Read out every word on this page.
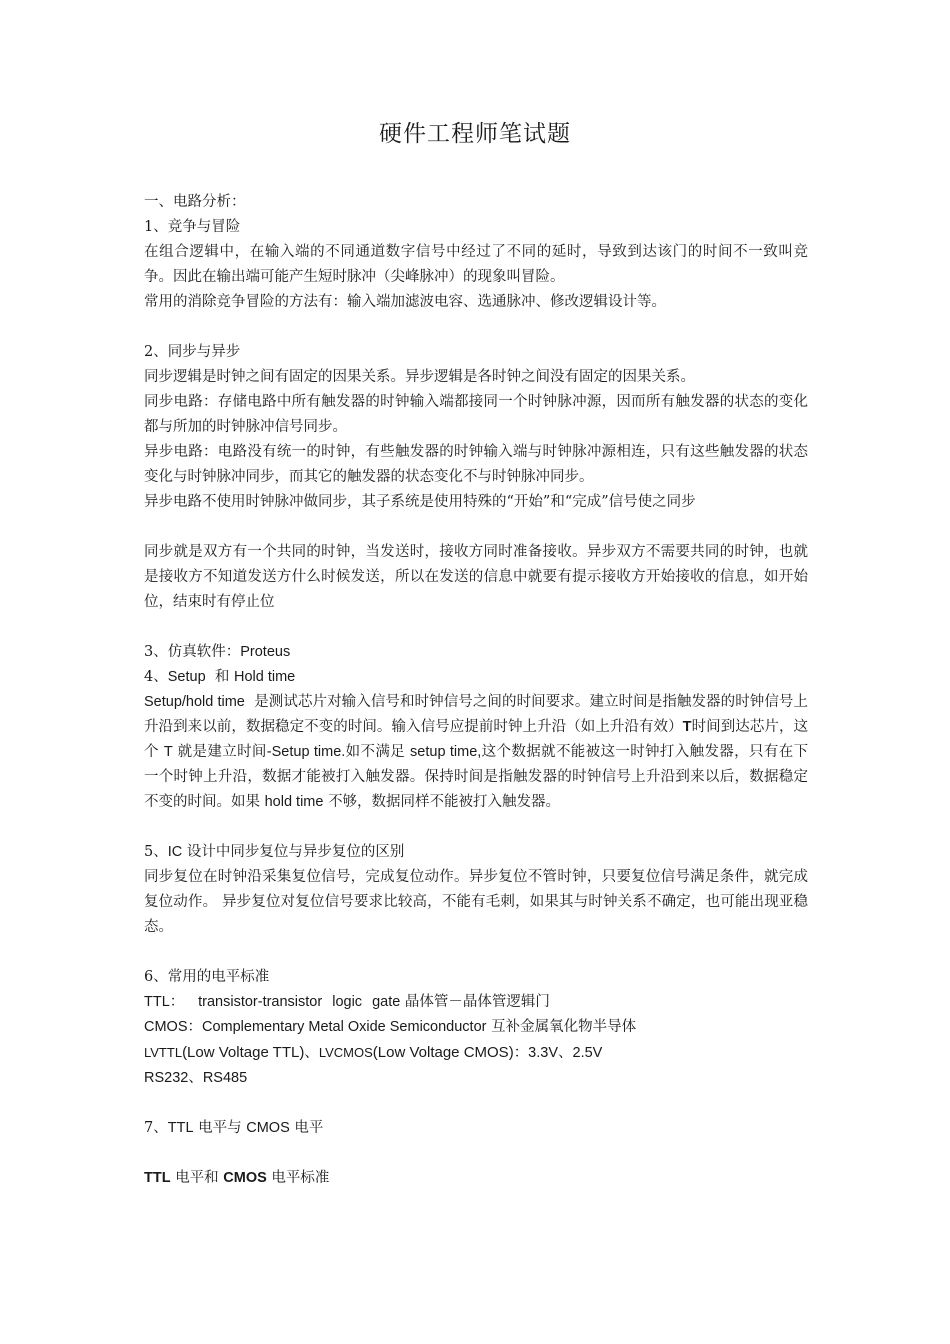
硬件工程师笔试题

一、电路分析：

1、竞争与冒险

在组合逻辑中，在输入端的不同通道数字信号中经过了不同的延时，导致到达该门的时间不一致叫竞争。因此在输出端可能产生短时脉冲（尖峰脉冲）的现象叫冒险。

常用的消除竞争冒险的方法有：输入端加滤波电容、选通脉冲、修改逻辑设计等。

2、同步与异步

同步逻辑是时钟之间有固定的因果关系。异步逻辑是各时钟之间没有固定的因果关系。

同步电路：存储电路中所有触发器的时钟输入端都接同一个时钟脉冲源，因而所有触发器的状态的变化都与所加的时钟脉冲信号同步。

异步电路：电路没有统一的时钟，有些触发器的时钟输入端与时钟脉冲源相连，只有这些触发器的状态变化与时钟脉冲同步，而其它的触发器的状态变化不与时钟脉冲同步。

异步电路不使用时钟脉冲做同步，其子系统是使用特殊的“开始”和“完成”信号使之同步

同步就是双方有一个共同的时钟，当发送时，接收方同时准备接收。异步双方不需要共同的时钟，也就是接收方不知道发送方什么时候发送，所以在发送的信息中就要有提示接收方开始接收的信息，如开始位，结束时有停止位

3、仿真软件：Proteus

4、Setup 和 Hold time

Setup/hold time 是测试芯片对输入信号和时钟信号之间的时间要求。建立时间是指触发器的时钟信号上升沿到来以前，数据稳定不变的时间。输入信号应提前时钟上升沿（如上升沿有效）T时间到达芯片，这个 T 就是建立时间-Setup time.如不满足 setup time,这个数据就不能被这一时钟打入触发器，只有在下一个时钟上升沿，数据才能被打入触发器。保持时间是指触发器的时钟信号上升沿到来以后，数据稳定不变的时间。如果 hold time 不够，数据同样不能被打入触发器。

5、IC 设计中同步复位与异步复位的区别

同步复位在时钟沿采集复位信号，完成复位动作。异步复位不管时钟，只要复位信号满足条件，就完成复位动作。 异步复位对复位信号要求比较高，不能有毛刺，如果其与时钟关系不确定，也可能出现亚稳态。

6、常用的电平标准

TTL： transistor-transistor logic gate 晶体管－晶体管逻辑门

CMOS：Complementary Metal Oxide Semiconductor 互补金属氧化物半导体

LVTTL(Low Voltage TTL)、LVCMOS(Low Voltage CMOS)：3.3V、2.5V

RS232、RS485

7、TTL 电平与 CMOS 电平

TTL 电平和 CMOS 电平标准
